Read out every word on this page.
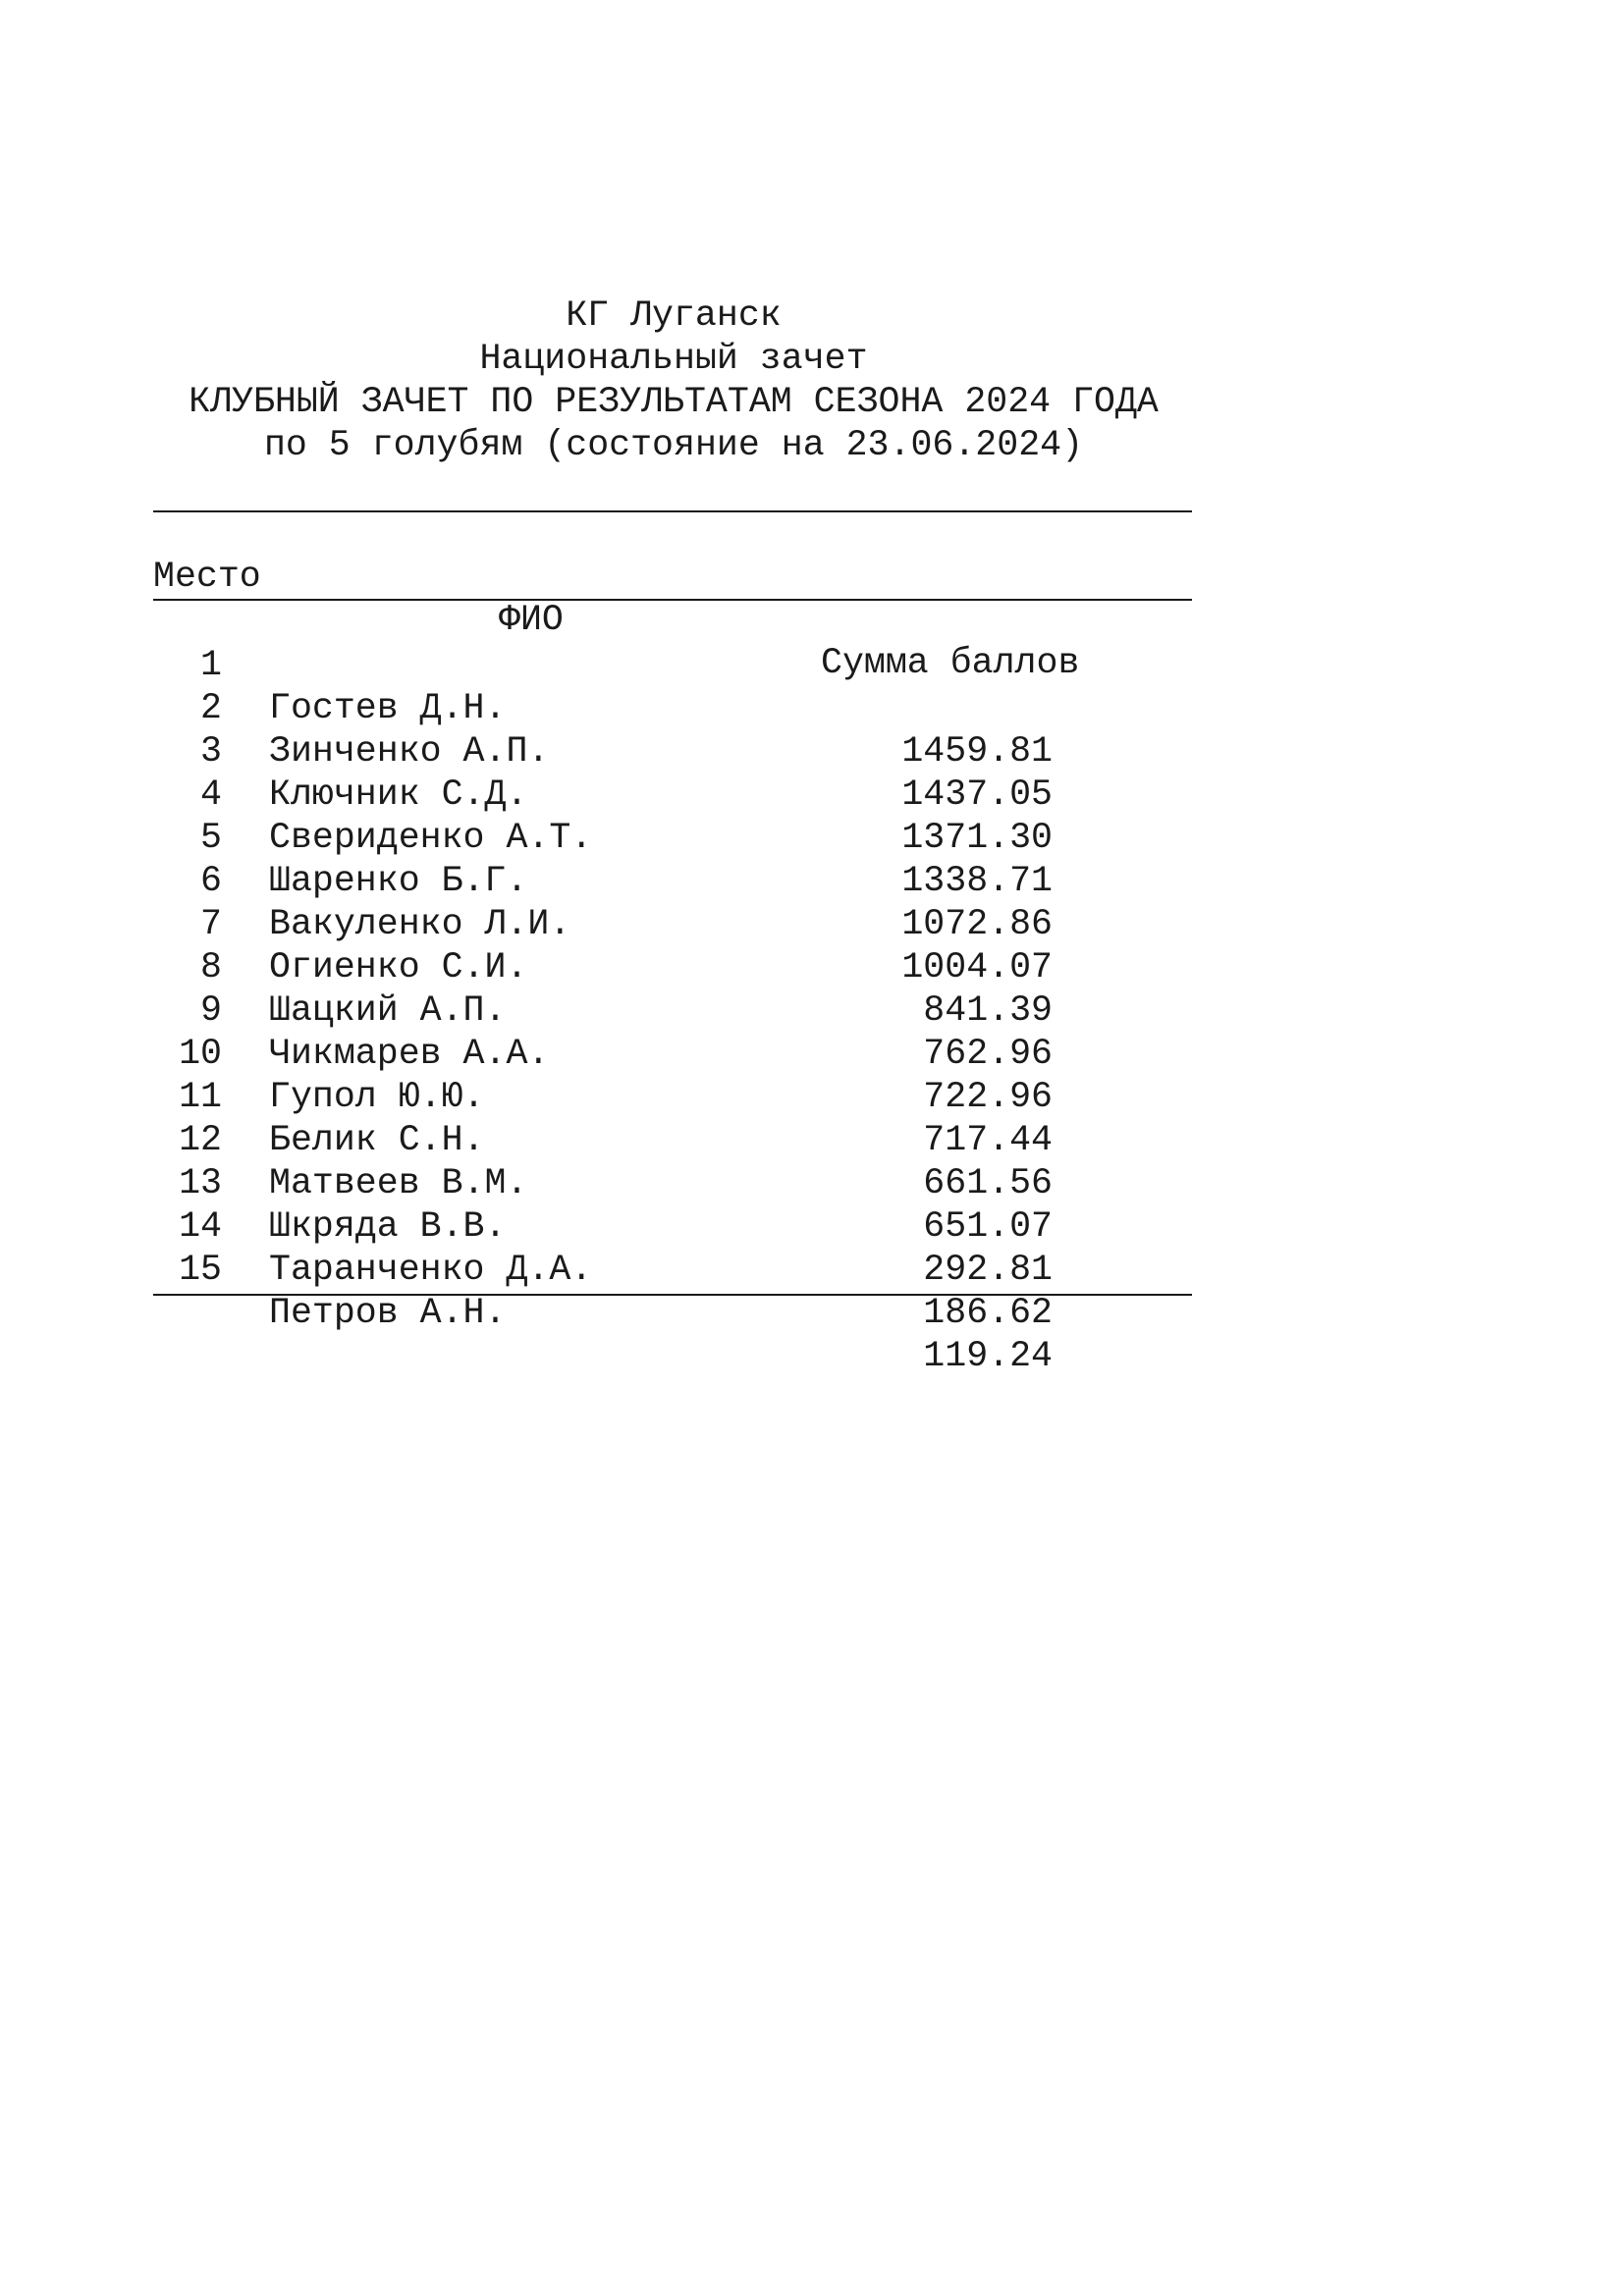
КГ Луганск

Национальный зачет

КЛУБНЫЙ ЗАЧЕТ ПО РЕЗУЛЬТАТАМ СЕЗОНА 2024 ГОДА

по 5 голубям (состояние на 23.06.2024)

Место

ФИО

Сумма баллов

1

Гостев Д.Н.

1459.81

2

Зинченко А.П.

1437.05

3

Ключник С.Д.

1371.30

4

Свериденко А.Т.

1338.71

5

Шаренко Б.Г.

1072.86

6

Вакуленко Л.И.

1004.07

7

Огиенко С.И.

841.39

8

Шацкий А.П.

762.96

9

Чикмарев А.А.

722.96

10

Гупол Ю.Ю.

717.44

11

Белик С.Н.

661.56

12

Матвеев В.М.

651.07

13

Шкряда В.В.

292.81

14

Таранченко Д.А.

186.62

15

Петров А.Н.

119.24
